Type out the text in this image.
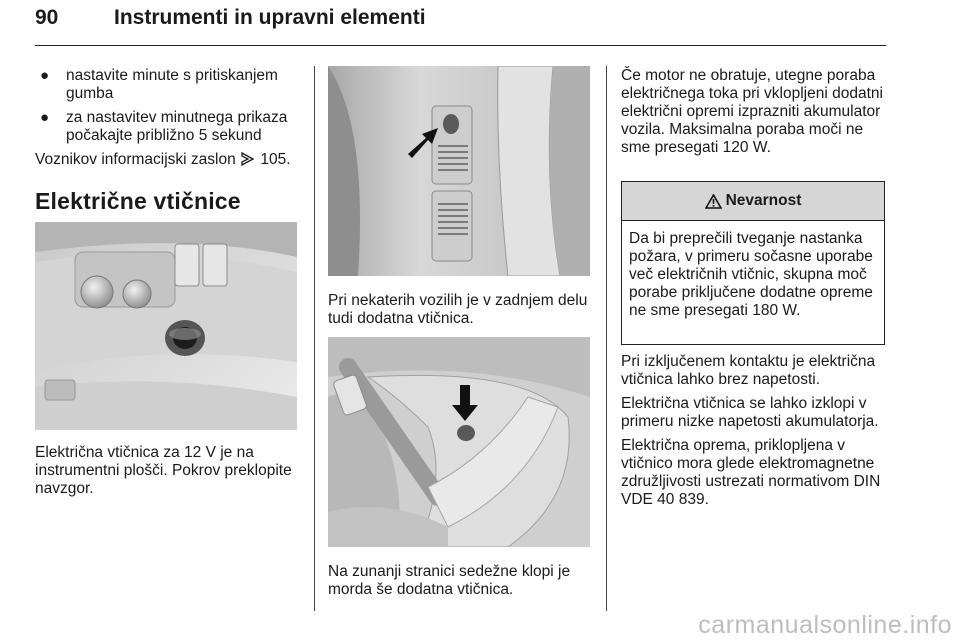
90	Instrumenti in upravni elementi
● nastavite minute s pritiskanjem gumba
● za nastavitev minutnega prikaza počakajte približno 5 sekund

Voznikov informacijski zaslon 105.

Električne vtičnice

Električna vtičnica za 12 V je na instrumentni plošči. Pokrov preklopite navzgor.

Pri nekaterih vozilih je v zadnjem delu tudi dodatna vtičnica.

Na zunanji stranici sedežne klopi je morda še dodatna vtičnica.

Če motor ne obratuje, utegne poraba električnega toka pri vklopljeni dodatni električni opremi izprazniti akumulator vozila. Maksimalna poraba moči ne sme presegati 120 W.

Nevarnost
Da bi preprečili tveganje nastanka požara, v primeru sočasne uporabe več električnih vtičnic, skupna moč porabe priključene dodatne opreme ne sme presegati 180 W.

Pri izključenem kontaktu je električna vtičnica lahko brez napetosti.

Električna vtičnica se lahko izklopi v primeru nizke napetosti akumulatorja.

Električna oprema, priklopljena v vtičnico mora glede elektromagnetne združljivosti ustrezati normativom DIN VDE 40 839.

carmanualsonline.info
